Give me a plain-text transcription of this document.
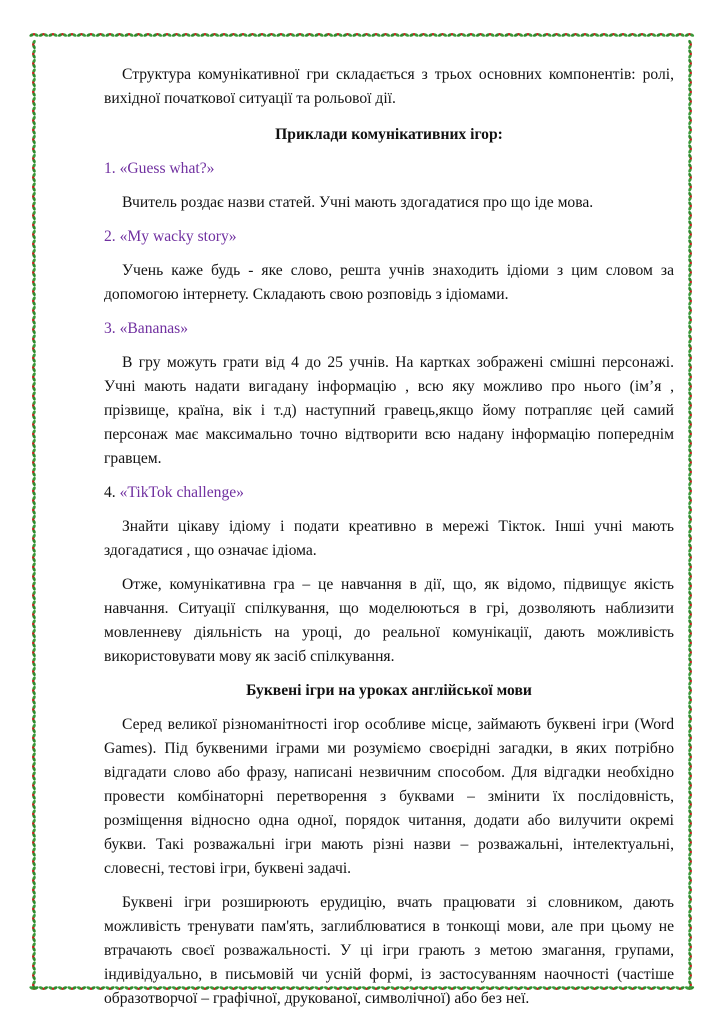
Структура комунікативної гри складається з трьох основних компонентів: ролі, вихідної початкової ситуації та рольової дії.

Приклади комунікативних ігор:

1. «Guess what?»

Вчитель роздає назви статей. Учні мають здогадатися про що іде мова.

2. «My wacky story»

Учень каже будь - яке слово, решта учнів знаходить ідіоми з цим словом за допомогою інтернету. Складають свою розповідь з ідіомами.

3. «Bananas»

В гру можуть грати від 4 до 25 учнів. На картках зображені смішні персонажі. Учні мають надати вигадану інформацію , всю яку можливо про нього (ім’я , прізвище, країна, вік і т.д) наступний гравець,якщо йому потрапляє цей самий персонаж має максимально точно відтворити всю надану інформацію попереднім гравцем.

4. «TikTok challenge»

Знайти цікаву ідіому і подати креативно в мережі Тікток. Інші учні мають здогадатися , що означає ідіома.

Отже, комунікативна гра – це навчання в дії, що, як відомо, підвищує якість навчання. Ситуації спілкування, що моделюються в грі, дозволяють наблизити мовленневу діяльність на уроці, до реальної комунікації, дають можливість використовувати мову як засіб спілкування.

Буквені ігри на уроках англійської мови

Серед великої різноманітності ігор особливе місце, займають буквені ігри (Word Games). Під буквеними іграми ми розуміємо своєрідні загадки, в яких потрібно відгадати слово або фразу, написані незвичним способом. Для відгадки необхідно провести комбінаторні перетворення з буквами – змінити їх послідовність, розміщення відносно одна одної, порядок читання, додати або вилучити окремі букви. Такі розважальні ігри мають різні назви – розважальні, інтелектуальні, словесні, тестові ігри, буквені задачі.

Буквені ігри розширюють ерудицію, вчать працювати зі словником, дають можливість тренувати пам'ять, заглиблюватися в тонкощі мови, але при цьому не втрачають своєї розважальності. У ці ігри грають з метою змагання, групами, індивідуально, в письмовій чи усній формі, із застосуванням наочності (частіше образотворчої – графічної, друкованої, символічної) або без неї.
